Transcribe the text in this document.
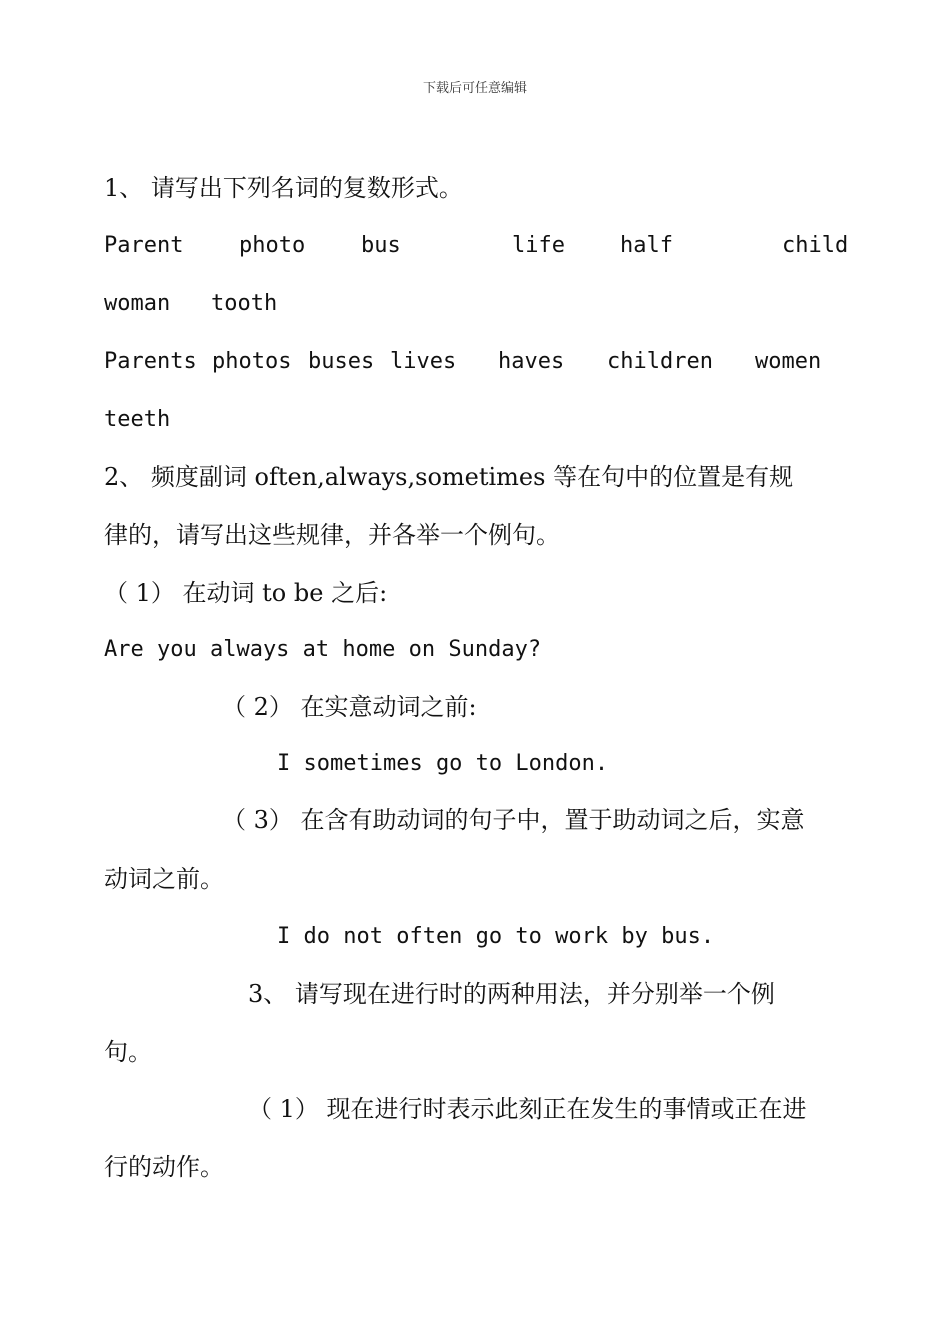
下载后可任意编辑
1、 请写出下列名词的复数形式。
Parent	photo	bus	life	half	child
woman tooth
Parents photos buses lives haves children women
teeth
2、 频度副词 often,always,sometimes 等在句中的位置是有规
律的，请写出这些规律，并各举一个例句。
（ 1） 在动词 to be 之后:
Are you always at home on Sunday?
（ 2） 在实意动词之前:
I sometimes go to London.
（ 3） 在含有助动词的句子中，置于助动词之后，实意
动词之前。
I do not often go to work by bus.
3、 请写现在进行时的两种用法，并分别举一个例
句。
（ 1） 现在进行时表示此刻正在发生的事情或正在进
行的动作。
